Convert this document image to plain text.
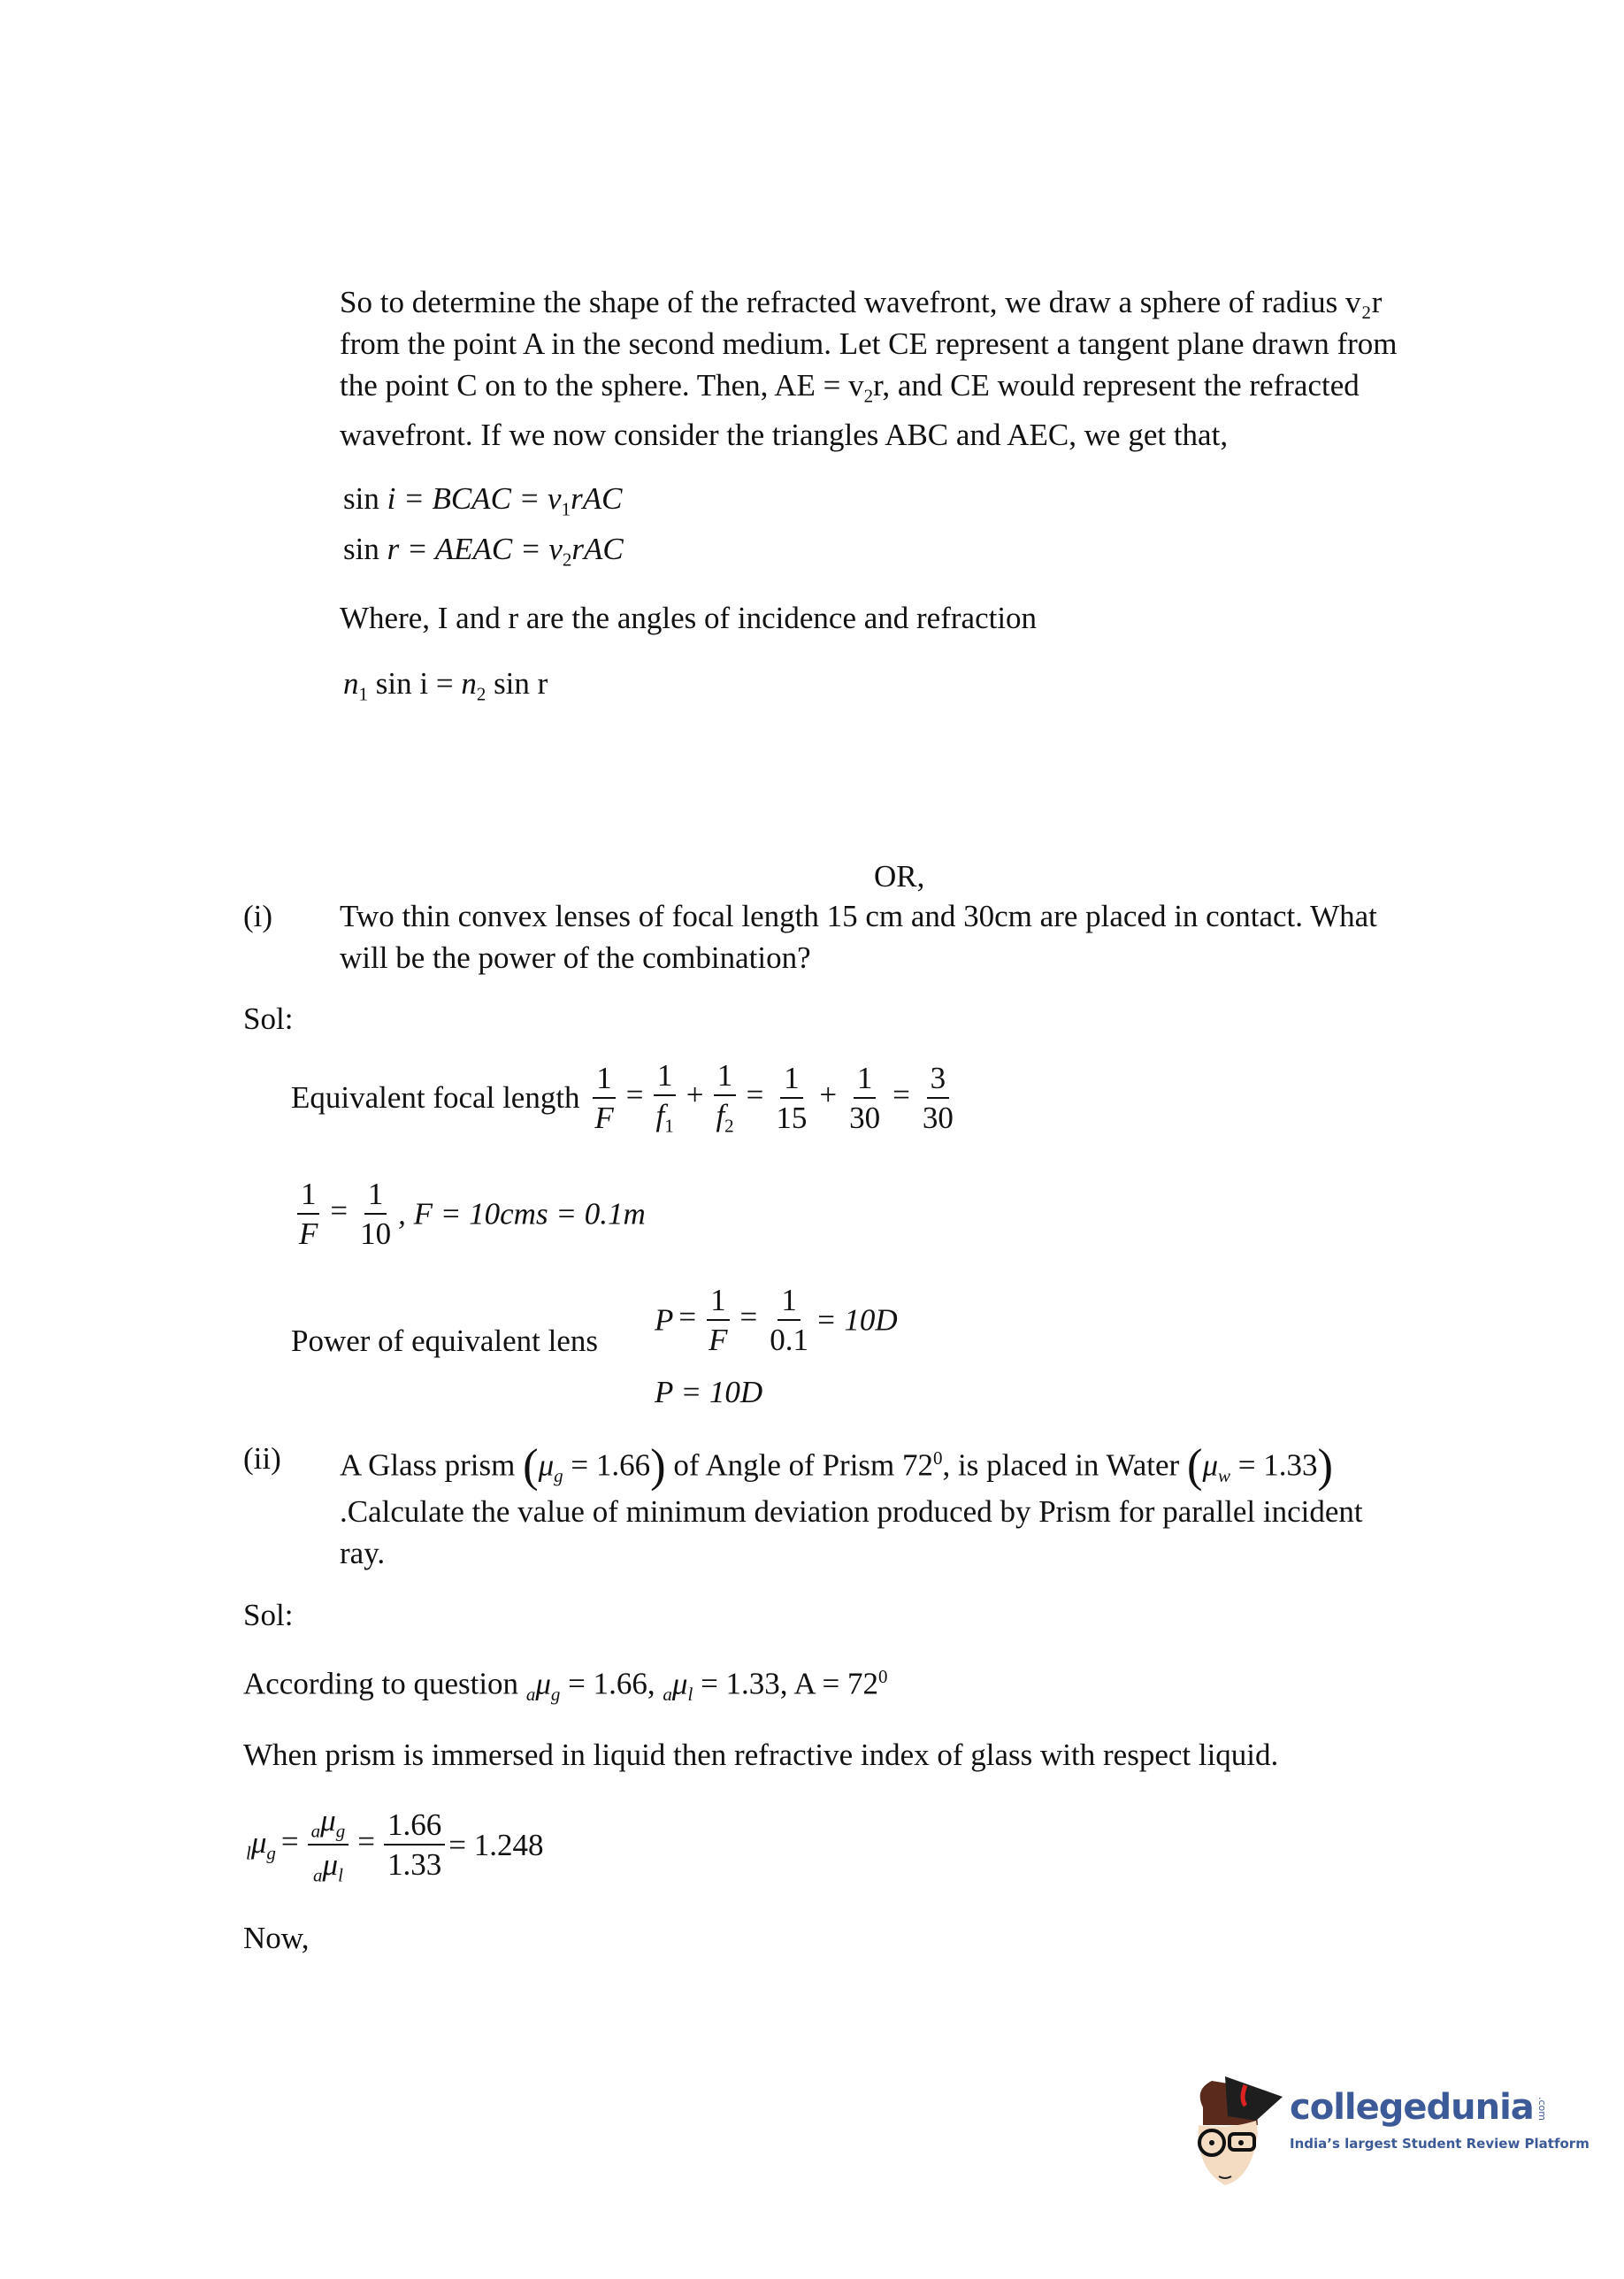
So to determine the shape of the refracted wavefront, we draw a sphere of radius v₂r
from the point A in the second medium. Let CE represent a tangent plane drawn from
the point C on to the sphere. Then, AE = $v_2r$, and CE would represent the refracted
wavefront. If we now consider the triangles ABC and AEC, we get that,
sin i = BCAC = $v_1rAC$
sin r = AEAC = $v_2rAC$
Where, I and r are the angles of incidence and refraction
$n_1$ $\sin i = n_2$ sin r
OR,
(i) Two thin convex lenses of focal length 15 cm and 30cm are placed in contact. What
will be the power of the combination?
Sol:
Equivalent focal length $\frac{1}{F} = \frac{1}{f_1} + \frac{1}{f_2} = \frac{1}{15} + \frac{1}{30} = \frac{3}{30}$
$\frac{1}{F} = \frac{1}{10}$ , F = 10cms = 0.1m
Power of equivalent lens
$P = \frac{1}{F} = \frac{1}{0.1} = 10D$
P = 10D
(ii) A Glass prism $(\mu_g = 1.66)$ of Angle of Prism $72^0$, is placed in Water $(\mu_w = 1.33)$
.Calculate the value of minimum deviation produced by Prism for parallel incident
ray.
Sol:
According to question $_a\mu_g = 1.66$, $_a\mu_l = 1.33$, $A = 72^0$
When prism is immersed in liquid then refractive index of glass with respect liquid.
$_l\mu_g = \frac{_a\mu_g}{_a\mu_l} = \frac{1.66}{1.33} = 1.248$
Now,
collegedunia .com
India’s largest Student Review Platform
